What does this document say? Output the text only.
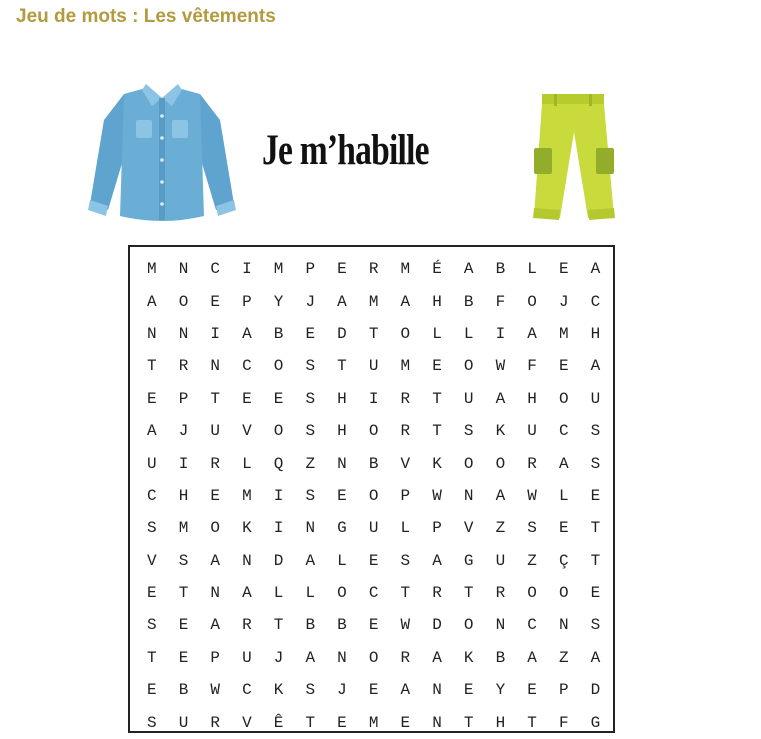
Jeu de mots : Les vêtements
Je m’habille
M	N	C	I	M	P	E	R	M	É	A	B	L	E	A
A	O	E	P	Y	J	A	M	A	H	B	F	O	J	C
N	N	I	A	B	E	D	T	O	L	L	I	A	M	H
T	R	N	C	O	S	T	U	M	E	O	W	F	E	A
E	P	T	E	E	S	H	I	R	T	U	A	H	O	U
A	J	U	V	O	S	H	O	R	T	S	K	U	C	S
U	I	R	L	Q	Z	N	B	V	K	O	O	R	A	S
C	H	E	M	I	S	E	O	P	W	N	A	W	L	E
S	M	O	K	I	N	G	U	L	P	V	Z	S	E	T
V	S	A	N	D	A	L	E	S	A	G	U	Z	Ç	T
E	T	N	A	L	L	O	C	T	R	T	R	O	O	E
S	E	A	R	T	B	B	E	W	D	O	N	C	N	S
T	E	P	U	J	A	N	O	R	A	K	B	A	Z	A
E	B	W	C	K	S	J	E	A	N	E	Y	E	P	D
S	U	R	V	Ê	T	E	M	E	N	T	H	T	F	G
